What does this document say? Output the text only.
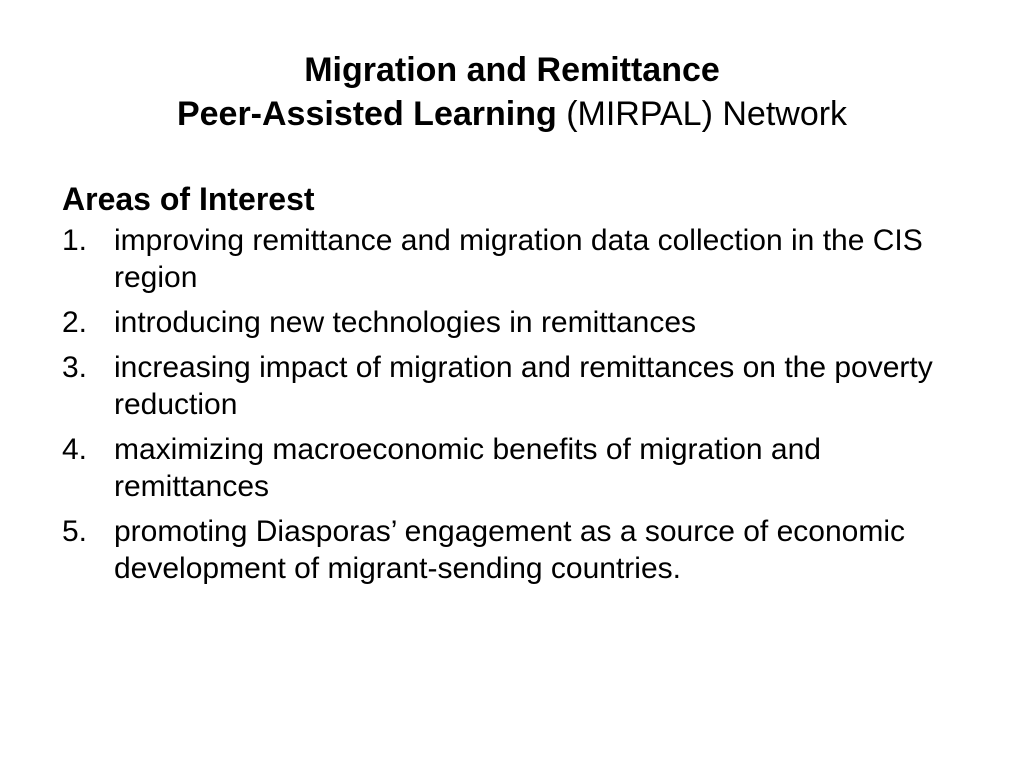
Migration and Remittance
Peer-Assisted Learning (MIRPAL) Network
Areas of Interest
1. improving remittance and migration data collection in the CIS region
2. introducing new technologies in remittances
3. increasing impact of migration and remittances on the poverty reduction
4. maximizing macroeconomic benefits of migration and remittances
5. promoting Diasporas’ engagement as a source of economic development of migrant-sending countries.
